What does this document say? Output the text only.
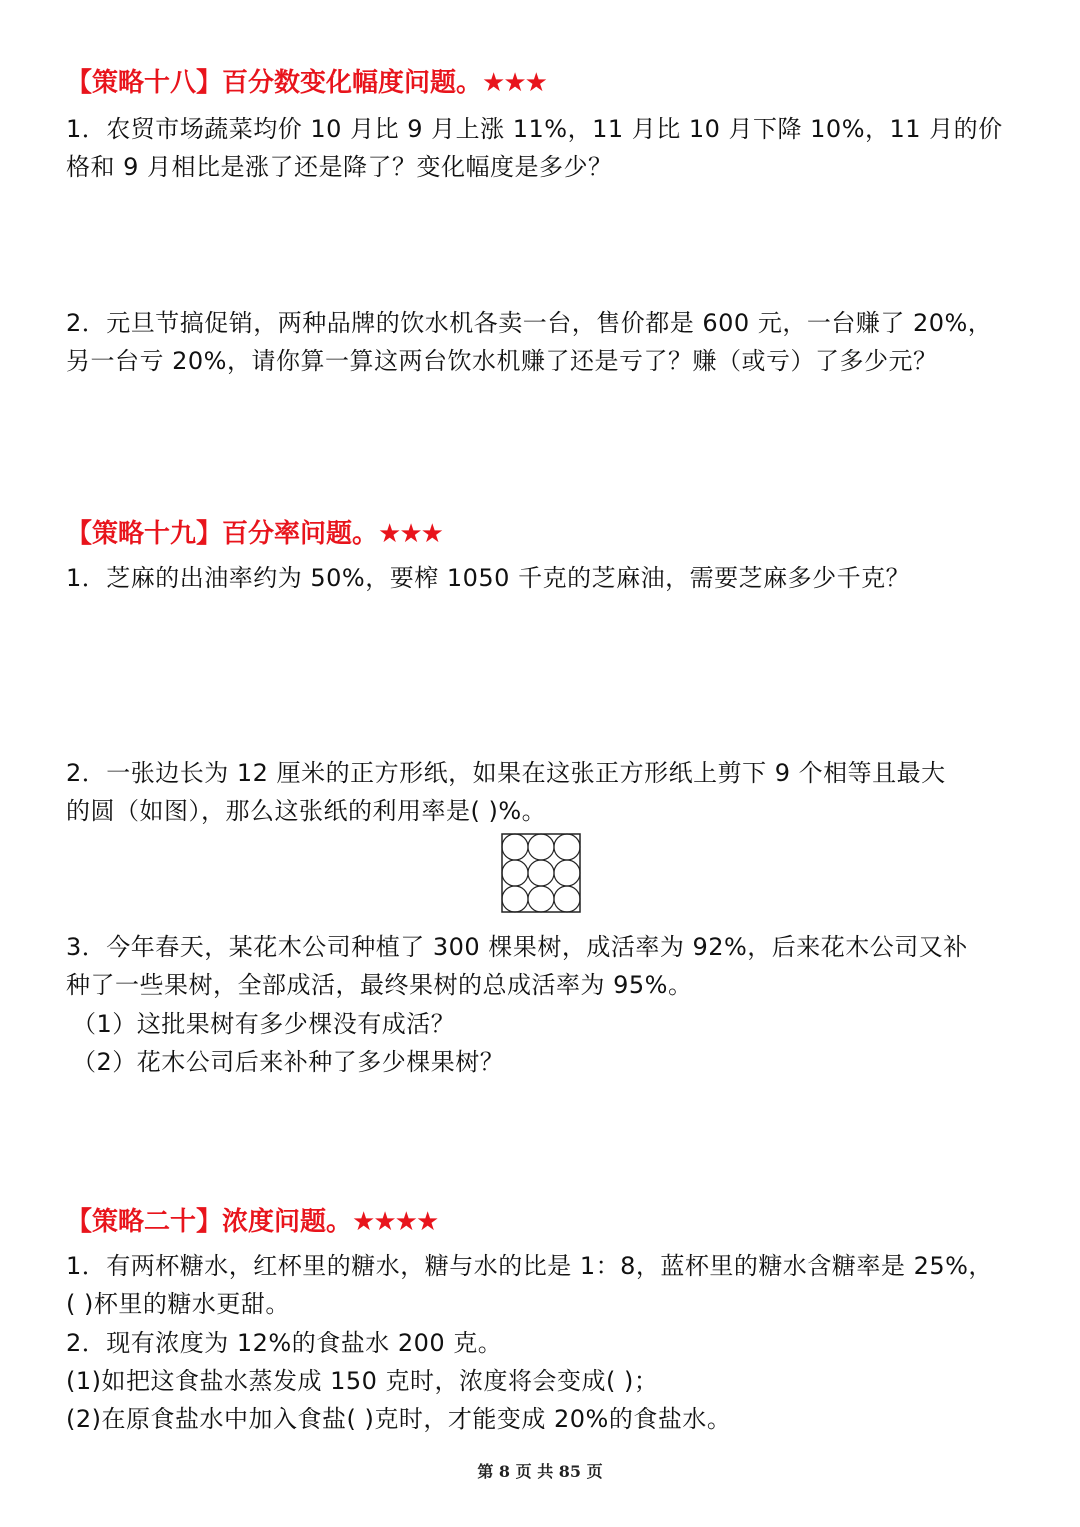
【策略十八】百分数变化幅度问题。★★★
1．农贸市场蔬菜均价 10 月比 9 月上涨 11%，11 月比 10 月下降 10%，11 月的价
格和 9 月相比是涨了还是降了？变化幅度是多少？
2．元旦节搞促销，两种品牌的饮水机各卖一台，售价都是 600 元，一台赚了 20%，
另一台亏 20%，请你算一算这两台饮水机赚了还是亏了？赚（或亏）了多少元？
【策略十九】百分率问题。★★★
1．芝麻的出油率约为 50%，要榨 1050 千克的芝麻油，需要芝麻多少千克？
2．一张边长为 12 厘米的正方形纸，如果在这张正方形纸上剪下 9 个相等且最大
的圆（如图），那么这张纸的利用率是( )%。
3．今年春天，某花木公司种植了 300 棵果树，成活率为 92%，后来花木公司又补
种了一些果树，全部成活，最终果树的总成活率为 95%。
（1）这批果树有多少棵没有成活？
（2）花木公司后来补种了多少棵果树？
【策略二十】浓度问题。★★★★
1．有两杯糖水，红杯里的糖水，糖与水的比是 1：8，蓝杯里的糖水含糖率是 25%，
( )杯里的糖水更甜。
2．现有浓度为 12%的食盐水 200 克。
(1)如把这食盐水蒸发成 150 克时，浓度将会变成( )；
(2)在原食盐水中加入食盐( )克时，才能变成 20%的食盐水。
第 8 页 共 85 页
